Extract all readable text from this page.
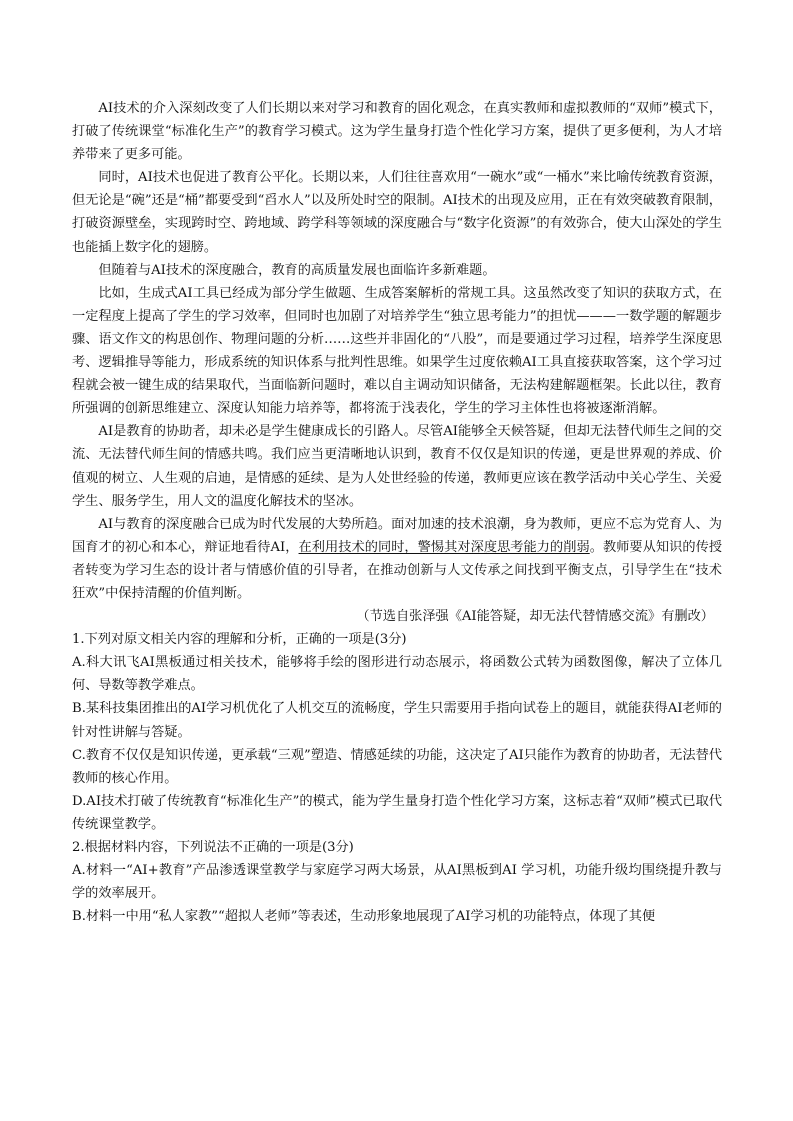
AI技术的介入深刻改变了人们长期以来对学习和教育的固化观念，在真实教师和虚拟教师的“双师”模式下，打破了传统课堂“标准化生产”的教育学习模式。这为学生量身打造个性化学习方案，提供了更多便利，为人才培养带来了更多可能。

同时，AI技术也促进了教育公平化。长期以来，人们往往喜欢用“一碗水”或“一桶水”来比喻传统教育资源，但无论是“碗”还是“桶”都要受到“舀水人”以及所处时空的限制。AI技术的出现及应用，正在有效突破教育限制，打破资源壁垒，实现跨时空、跨地域、跨学科等领域的深度融合与“数字化资源”的有效弥合，使大山深处的学生也能插上数字化的翅膀。

但随着与AI技术的深度融合，教育的高质量发展也面临许多新难题。

比如，生成式AI工具已经成为部分学生做题、生成答案解析的常规工具。这虽然改变了知识的获取方式，在一定程度上提高了学生的学习效率，但同时也加剧了对培养学生“独立思考能力”的担忧———一数学题的解题步骤、语文作文的构思创作、物理问题的分析……这些并非固化的“八股”，而是要通过学习过程，培养学生深度思考、逻辑推导等能力，形成系统的知识体系与批判性思维。如果学生过度依赖AI工具直接获取答案，这个学习过程就会被一键生成的结果取代，当面临新问题时，难以自主调动知识储备，无法构建解题框架。长此以往，教育所强调的创新思维建立、深度认知能力培养等，都将流于浅表化，学生的学习主体性也将被逐渐消解。

AI是教育的协助者，却未必是学生健康成长的引路人。尽管AI能够全天候答疑，但却无法替代师生之间的交流、无法替代师生间的情感共鸣。我们应当更清晰地认识到，教育不仅仅是知识的传递，更是世界观的养成、价值观的树立、人生观的启迪，是情感的延续、是为人处世经验的传递，教师更应该在教学活动中关心学生、关爱学生、服务学生，用人文的温度化解技术的坚冰。

AI与教育的深度融合已成为时代发展的大势所趋。面对加速的技术浪潮，身为教师，更应不忘为党育人、为国育才的初心和本心，辩证地看待AI，在利用技术的同时，警惕其对深度思考能力的削弱。教师要从知识的传授者转变为学习生态的设计者与情感价值的引导者，在推动创新与人文传承之间找到平衡支点，引导学生在“技术狂欢”中保持清醒的价值判断。

（节选自张泽强《AI能答疑，却无法代替情感交流》有删改）

1.下列对原文相关内容的理解和分析，正确的一项是(3分)

A.科大讯飞AI黑板通过相关技术，能够将手绘的图形进行动态展示，将函数公式转为函数图像，解决了立体几何、导数等教学难点。

B.某科技集团推出的AI学习机优化了人机交互的流畅度，学生只需要用手指向试卷上的题目，就能获得AI老师的针对性讲解与答疑。

C.教育不仅仅是知识传递，更承载“三观”塑造、情感延续的功能，这决定了AI只能作为教育的协助者，无法替代教师的核心作用。

D.AI技术打破了传统教育“标准化生产”的模式，能为学生量身打造个性化学习方案，这标志着“双师”模式已取代传统课堂教学。

2.根据材料内容，下列说法不正确的一项是(3分)

A.材料一“AI+教育”产品渗透课堂教学与家庭学习两大场景，从AI黑板到AI 学习机，功能升级均围绕提升教与学的效率展开。

B.材料一中用“私人家教”“超拟人老师”等表述，生动形象地展现了AI学习机的功能特点，体现了其便
